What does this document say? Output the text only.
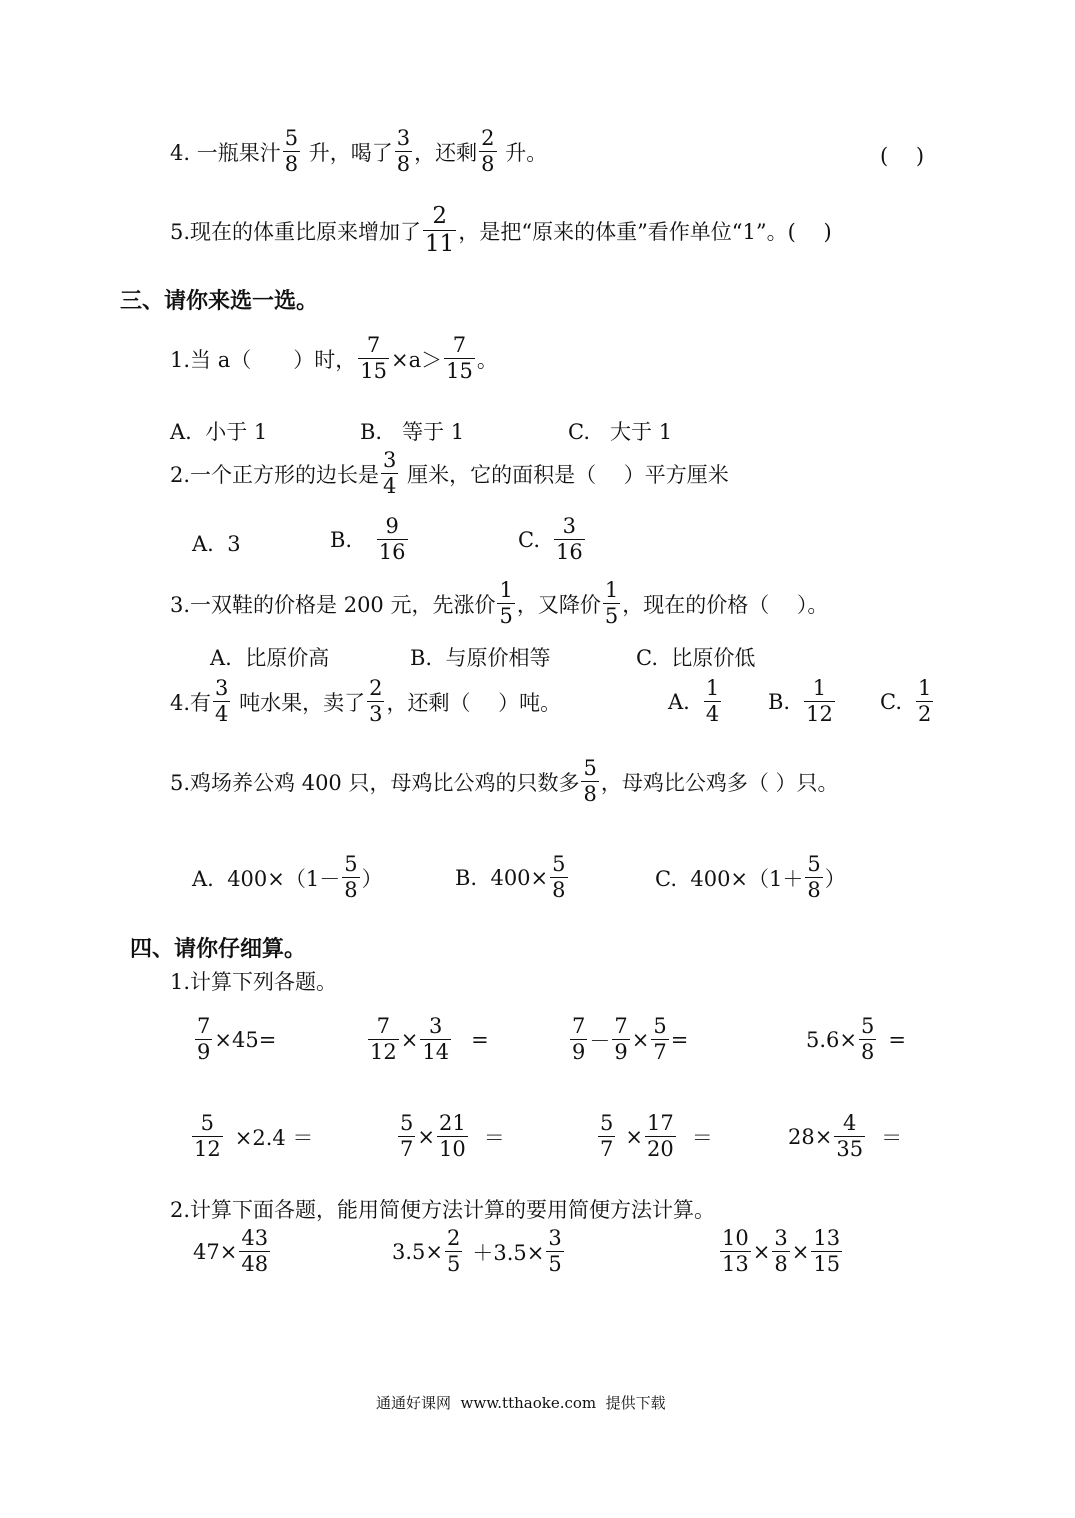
4. 一瓶果汁 $\frac{5}{8}$ 升，喝了 $\frac{3}{8}$ ，还剩 $\frac{2}{8}$ 升。	(　 )
5.现在的体重比原来增加了 $\frac{2}{11}$ ，是把“原来的体重”看作单位“1”。(　 )
三、请你来选一选。
1.当 a（　　）时， $\frac{7}{15} \times a> \frac{7}{15}$ 。
A.  小于 1	B.   等于 1	C.   大于 1
2.一个正方形的边长是 $\frac{3}{4}$ 厘米，它的面积是（　 ）平方厘米
A.  3	B.
$\frac{9}{16}$	C. $\frac{3}{16}$
3.一双鞋的价格是 200 元，先涨价 $\frac{1}{5}$ ，又降价 $\frac{1}{5}$ ，现在的价格（　 ）。
A.  比原价高	B.  与原价相等	C.  比原价低
4.有 $\frac{3}{4}$ 吨水果，卖了 $\frac{2}{3}$ ，还剩（　 ）吨。	A. $\frac{1}{4} B$. $\frac{1}{12} C$. $\frac{1}{2}$
5.鸡场养公鸡 400 只，母鸡比公鸡的只数多 $\frac{5}{8}$ ，母鸡比公鸡多（ ）只。
A.  $400\times(1- \frac{5}{8}$ ）	B.  $400\times \frac{5}{8}$	C.  $400\times(1+ \frac{5}{8}$ ）
四、请你仔细算。
1.计算下列各题。
$\frac{7}{9} \times 45=$	$\frac{7}{12} \times \frac{3}{14}$ =	$\frac{7}{9} - \frac{7}{9} \times \frac{5}{7}$ =	$5.6\times \frac{5}{8}$ =
$\frac{5}{12} \times 2.4$ ＝	$\frac{5}{7} \times \frac{21}{10}$ ＝	$\frac{5}{7} \times \frac{17}{20}$ ＝	$28\times \frac{4}{35}$ ＝
2.计算下面各题，能用简便方法计算的要用简便方法计算。
$47\times \frac{43}{48}$	$3.5\times \frac{2}{5} +3.5\times \frac{3}{5}$	$\frac{10}{13} \times \frac{3}{8} \times \frac{13}{15}$
通通好课网  www.tthaoke.com  提供下载
